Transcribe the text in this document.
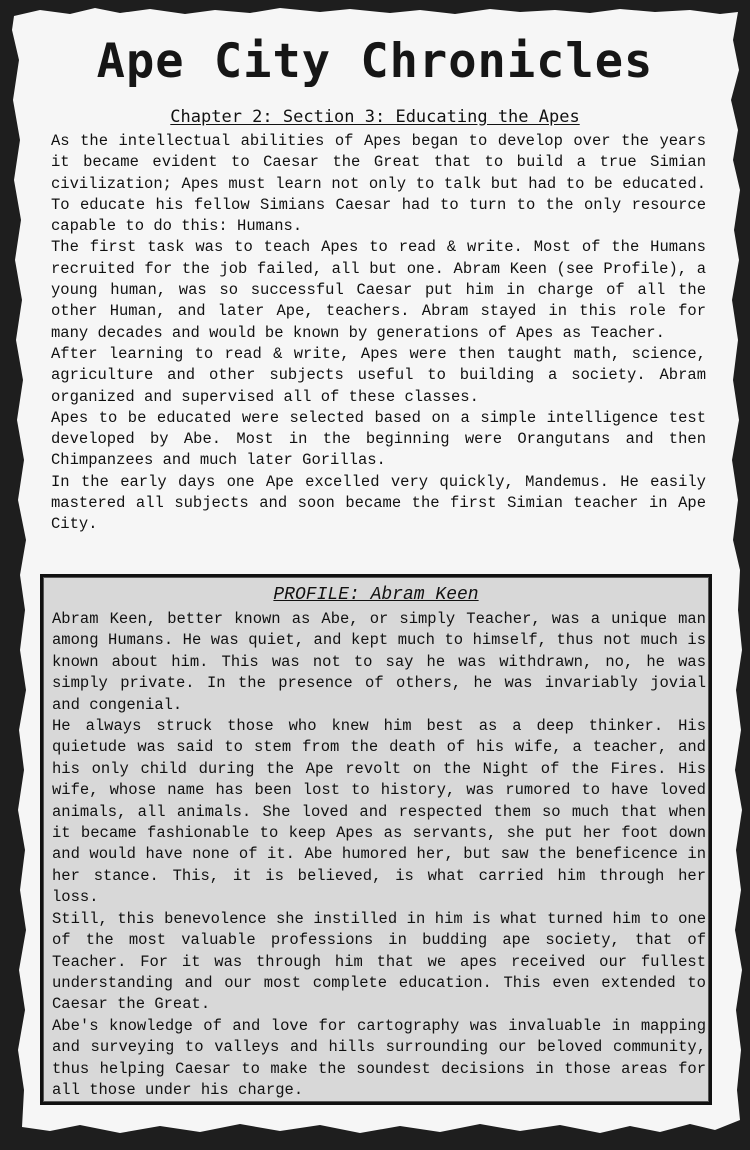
Ape City Chronicles
Chapter 2: Section 3: Educating the Apes

As the intellectual abilities of Apes began to develop over the years it became evident to Caesar the Great that to build a true Simian civilization; Apes must learn not only to talk but had to be educated. To educate his fellow Simians Caesar had to turn to the only resource capable to do this: Humans.

The first task was to teach Apes to read & write. Most of the Humans recruited for the job failed, all but one. Abram Keen (see Profile), a young human, was so successful Caesar put him in charge of all the other Human, and later Ape, teachers. Abram stayed in this role for many decades and would be known by generations of Apes as Teacher.

After learning to read & write, Apes were then taught math, science, agriculture and other subjects useful to building a society. Abram organized and supervised all of these classes.

Apes to be educated were selected based on a simple intelligence test developed by Abe. Most in the beginning were Orangutans and then Chimpanzees and much later Gorillas.

In the early days one Ape excelled very quickly, Mandemus. He easily mastered all subjects and soon became the first Simian teacher in Ape City.

PROFILE: Abram Keen

Abram Keen, better known as Abe, or simply Teacher, was a unique man among Humans. He was quiet, and kept much to himself, thus not much is known about him. This was not to say he was withdrawn, no, he was simply private. In the presence of others, he was invariably jovial and congenial.

He always struck those who knew him best as a deep thinker. His quietude was said to stem from the death of his wife, a teacher, and his only child during the Ape revolt on the Night of the Fires. His wife, whose name has been lost to history, was rumored to have loved animals, all animals. She loved and respected them so much that when it became fashionable to keep Apes as servants, she put her foot down and would have none of it. Abe humored her, but saw the beneficence in her stance. This, it is believed, is what carried him through her loss.

Still, this benevolence she instilled in him is what turned him to one of the most valuable professions in budding ape society, that of Teacher. For it was through him that we apes received our fullest understanding and our most complete education. This even extended to Caesar the Great.

Abe's knowledge of and love for cartography was invaluable in mapping and surveying to valleys and hills surrounding our beloved community, thus helping Caesar to make the soundest decisions in those areas for all those under his charge.
